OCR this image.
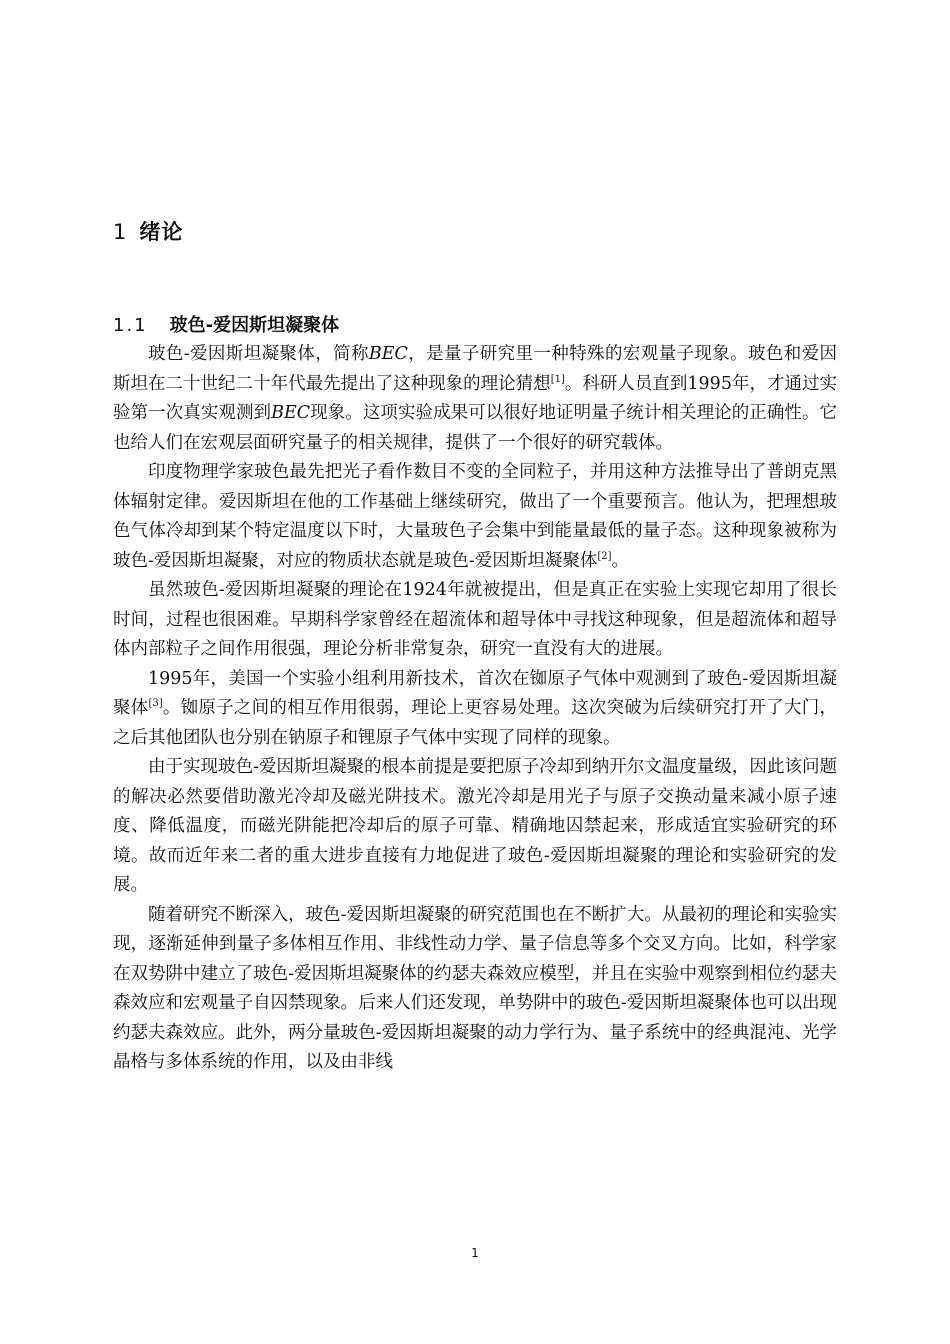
1 绪论
1.1 玻色-爱因斯坦凝聚体

玻色-爱因斯坦凝聚体，简称BEC，是量子研究里一种特殊的宏观量子现象。玻色和爱因斯坦在二十世纪二十年代最先提出了这种现象的理论猜想[1]。科研人员直到1995年，才通过实验第一次真实观测到BEC现象。这项实验成果可以很好地证明量子统计相关理论的正确性。它也给人们在宏观层面研究量子的相关规律，提供了一个很好的研究载体。

印度物理学家玻色最先把光子看作数目不变的全同粒子，并用这种方法推导出了普朗克黑体辐射定律。爱因斯坦在他的工作基础上继续研究，做出了一个重要预言。他认为，把理想玻色气体冷却到某个特定温度以下时，大量玻色子会集中到能量最低的量子态。这种现象被称为玻色-爱因斯坦凝聚，对应的物质状态就是玻色-爱因斯坦凝聚体[2]。

虽然玻色-爱因斯坦凝聚的理论在1924年就被提出，但是真正在实验上实现它却用了很长时间，过程也很困难。早期科学家曾经在超流体和超导体中寻找这种现象，但是超流体和超导体内部粒子之间作用很强，理论分析非常复杂，研究一直没有大的进展。

1995年，美国一个实验小组利用新技术，首次在铷原子气体中观测到了玻色-爱因斯坦凝聚体[3]。铷原子之间的相互作用很弱，理论上更容易处理。这次突破为后续研究打开了大门，之后其他团队也分别在钠原子和锂原子气体中实现了同样的现象。

由于实现玻色-爱因斯坦凝聚的根本前提是要把原子冷却到纳开尔文温度量级，因此该问题的解决必然要借助激光冷却及磁光阱技术。激光冷却是用光子与原子交换动量来减小原子速度、降低温度，而磁光阱能把冷却后的原子可靠、精确地囚禁起来，形成适宜实验研究的环境。故而近年来二者的重大进步直接有力地促进了玻色-爱因斯坦凝聚的理论和实验研究的发展。

随着研究不断深入，玻色-爱因斯坦凝聚的研究范围也在不断扩大。从最初的理论和实验实现，逐渐延伸到量子多体相互作用、非线性动力学、量子信息等多个交叉方向。比如，科学家在双势阱中建立了玻色-爱因斯坦凝聚体的约瑟夫森效应模型，并且在实验中观察到相位约瑟夫森效应和宏观量子自囚禁现象。后来人们还发现，单势阱中的玻色-爱因斯坦凝聚体也可以出现约瑟夫森效应。此外，两分量玻色-爱因斯坦凝聚的动力学行为、量子系统中的经典混沌、光学晶格与多体系统的作用，以及由非线

1
